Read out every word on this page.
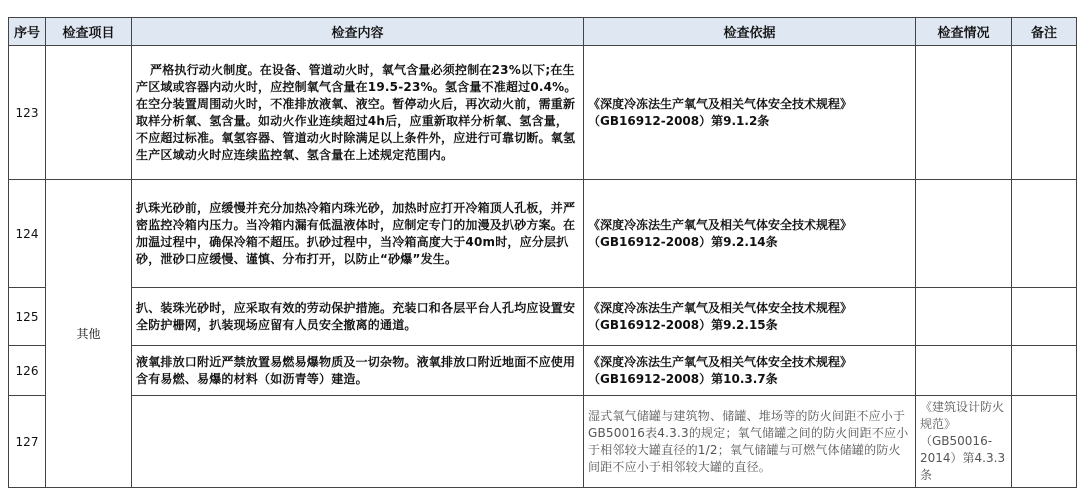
序号	检查项目	检查内容	检查依据	检查情况	备注	
123		严格执行动火制度。在设备、管道动火时，氧气含量必须控制在23%以下;在生产区域或容器内动火时，应控制氧气含量在19.5-23%。氢含量不准超过0.4%。 在空分装置周围动火时，不准排放液氧、液空。暂停动火后，再次动火前，需重新取样分析氧、氢含量。如动火作业连续超过4h后，应重新取样分析氧、氢含量，不应超过标准。氧氢容器、管道动火时除满足以上条件外，应进行可靠切断。氧氢生产区域动火时应连续监控氧、氢含量在上述规定范围内。	《深度冷冻法生产氧气及相关气体安全技术规程》
（GB16912-2008）第9.1.2条			

124	其他	扒珠光砂前，应缓慢并充分加热冷箱内珠光砂，加热时应打开冷箱顶人孔板，并严密监控冷箱内压力。当冷箱内漏有低温液体时，应制定专门的加漫及扒砂方案。在加温过程中，确保冷箱不超压。扒砂过程中，当冷箱高度大于40m时，应分层扒砂，泄砂口应缓慢、谨慎、分布打开，以防止“砂爆”发生。	《深度冷冻法生产氧气及相关气体安全技术规程》
（GB16912-2008）第9.2.14条			

125		扒、装珠光砂时，应采取有效的劳动保护措施。充装口和各层平台人孔均应设置安全防护栅网，扒装现场应留有人员安全撤离的通道。	《深度冷冻法生产氧气及相关气体安全技术规程》
（GB16912-2008）第9.2.15条			

126		液氧排放口附近严禁放置易燃易爆物质及一切杂物。液氧排放口附近地面不应使用含有易燃、易爆的材料（如沥青等）建造。	《深度冷冻法生产氧气及相关气体安全技术规程》
（GB16912-2008）第10.3.7条			

127			湿式氧气储罐与建筑物、储罐、堆场等的防火间距不应小于GB50016表4.3.3的规定；氧气储罐之间的防火间距不应小于相邻较大罐直径的1/2；氧气储罐与可燃气体储罐的防火间距不应小于相邻较大罐的直径。	《建筑设计防火规范》（GB50016-2014）第4.3.3条		
